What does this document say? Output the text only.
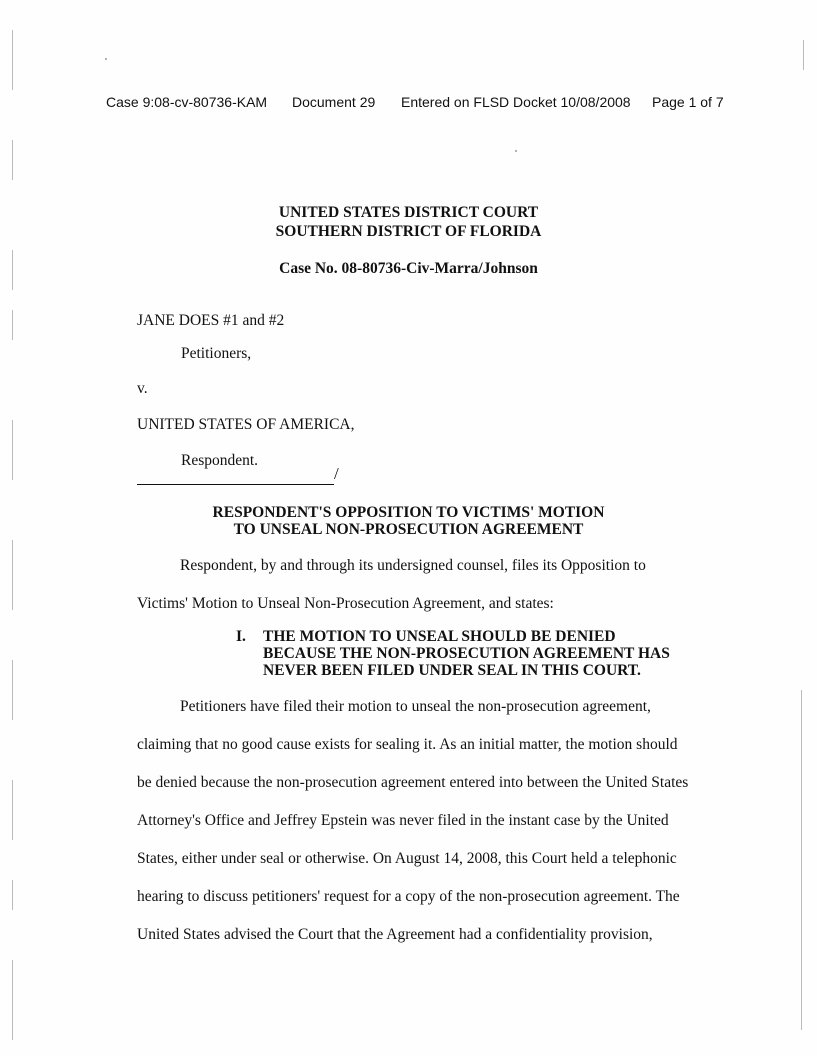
Case 9:08-cv-80736-KAM Document 29 Entered on FLSD Docket 10/08/2008 Page 1 of 7
UNITED STATES DISTRICT COURT
SOUTHERN DISTRICT OF FLORIDA
Case No. 08-80736-Civ-Marra/Johnson
JANE DOES #1 and #2
Petitioners,
v.
UNITED STATES OF AMERICA,
Respondent.
/
RESPONDENT'S OPPOSITION TO VICTIMS' MOTION
TO UNSEAL NON-PROSECUTION AGREEMENT
Respondent, by and through its undersigned counsel, files its Opposition to
Victims' Motion to Unseal Non-Prosecution Agreement, and states:
I. THE MOTION TO UNSEAL SHOULD BE DENIED
BECAUSE THE NON-PROSECUTION AGREEMENT HAS
NEVER BEEN FILED UNDER SEAL IN THIS COURT.
Petitioners have filed their motion to unseal the non-prosecution agreement,
claiming that no good cause exists for sealing it. As an initial matter, the motion should
be denied because the non-prosecution agreement entered into between the United States
Attorney's Office and Jeffrey Epstein was never filed in the instant case by the United
States, either under seal or otherwise. On August 14, 2008, this Court held a telephonic
hearing to discuss petitioners' request for a copy of the non-prosecution agreement. The
United States advised the Court that the Agreement had a confidentiality provision,
